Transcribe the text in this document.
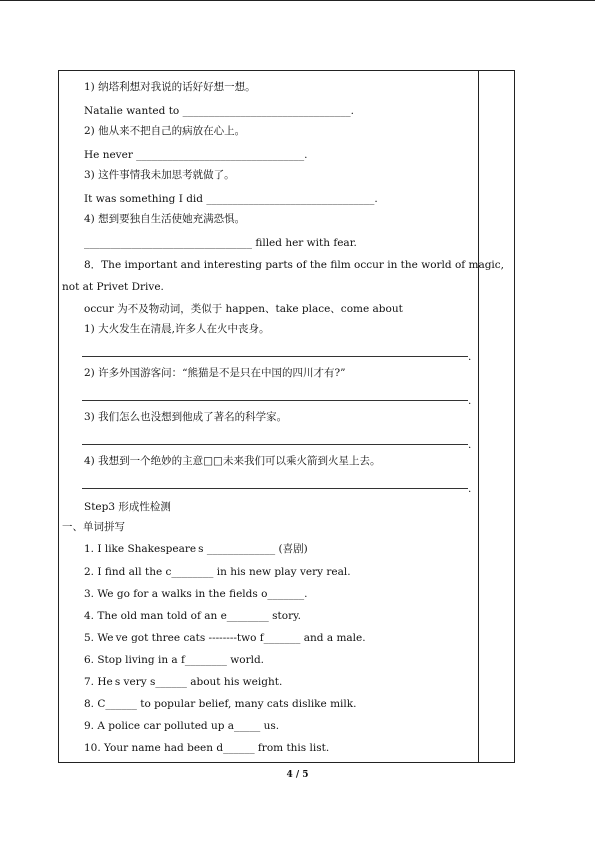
1) 纳塔利想对我说的话好好想一想。
Natalie wanted to ________________________________.
2) 他从来不把自己的病放在心上。
He never ________________________________.
3) 这件事情我未加思考就做了。
It was something I did ________________________________.
4) 想到要独自生活使她充满恐惧。
________________________________ filled her with fear.
8．The important and interesting parts of the film occur in the world of magic,
not at Privet Drive.
occur 为不及物动词，类似于 happen、take place、come about
1) 大火发生在清晨,许多人在火中丧身。
2) 许多外国游客问：“熊猫是不是只在中国的四川才有?”
3) 我们怎么也没想到他成了著名的科学家。
4) 我想到一个绝妙的主意□□未来我们可以乘火箭到火星上去。
Step3 形成性检测
一、单词拼写
1. I like Shakespeare s _____________ (喜剧)
2. I find all the c________ in his new play very real.
3. We go for a walks in the fields o_______.
4. The old man told of an e________ story.
5. We ve got three cats --------two f_______ and a male.
6. Stop living in a f________ world.
7. He s very s______ about his weight.
8. C______ to popular belief, many cats dislike milk.
9. A police car polluted up a_____ us.
10. Your name had been d______ from this list.
.
.
.
.
4 / 5
